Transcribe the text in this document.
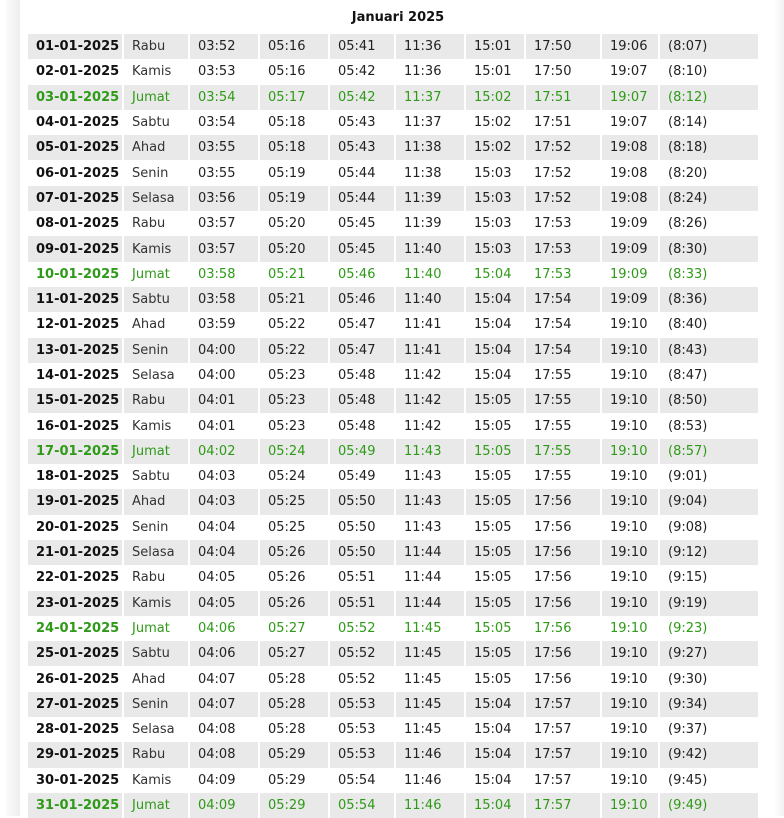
Januari 2025
01-01-2025	Rabu	03:52	05:16	05:41	11:36	15:01	17:50	19:06	(8:07)
02-01-2025	Kamis	03:53	05:16	05:42	11:36	15:01	17:50	19:07	(8:10)
03-01-2025	Jumat	03:54	05:17	05:42	11:37	15:02	17:51	19:07	(8:12)
04-01-2025	Sabtu	03:54	05:18	05:43	11:37	15:02	17:51	19:07	(8:14)
05-01-2025	Ahad	03:55	05:18	05:43	11:38	15:02	17:52	19:08	(8:18)
06-01-2025	Senin	03:55	05:19	05:44	11:38	15:03	17:52	19:08	(8:20)
07-01-2025	Selasa	03:56	05:19	05:44	11:39	15:03	17:52	19:08	(8:24)
08-01-2025	Rabu	03:57	05:20	05:45	11:39	15:03	17:53	19:09	(8:26)
09-01-2025	Kamis	03:57	05:20	05:45	11:40	15:03	17:53	19:09	(8:30)
10-01-2025	Jumat	03:58	05:21	05:46	11:40	15:04	17:53	19:09	(8:33)
11-01-2025	Sabtu	03:58	05:21	05:46	11:40	15:04	17:54	19:09	(8:36)
12-01-2025	Ahad	03:59	05:22	05:47	11:41	15:04	17:54	19:10	(8:40)
13-01-2025	Senin	04:00	05:22	05:47	11:41	15:04	17:54	19:10	(8:43)
14-01-2025	Selasa	04:00	05:23	05:48	11:42	15:04	17:55	19:10	(8:47)
15-01-2025	Rabu	04:01	05:23	05:48	11:42	15:05	17:55	19:10	(8:50)
16-01-2025	Kamis	04:01	05:23	05:48	11:42	15:05	17:55	19:10	(8:53)
17-01-2025	Jumat	04:02	05:24	05:49	11:43	15:05	17:55	19:10	(8:57)
18-01-2025	Sabtu	04:03	05:24	05:49	11:43	15:05	17:55	19:10	(9:01)
19-01-2025	Ahad	04:03	05:25	05:50	11:43	15:05	17:56	19:10	(9:04)
20-01-2025	Senin	04:04	05:25	05:50	11:43	15:05	17:56	19:10	(9:08)
21-01-2025	Selasa	04:04	05:26	05:50	11:44	15:05	17:56	19:10	(9:12)
22-01-2025	Rabu	04:05	05:26	05:51	11:44	15:05	17:56	19:10	(9:15)
23-01-2025	Kamis	04:05	05:26	05:51	11:44	15:05	17:56	19:10	(9:19)
24-01-2025	Jumat	04:06	05:27	05:52	11:45	15:05	17:56	19:10	(9:23)
25-01-2025	Sabtu	04:06	05:27	05:52	11:45	15:05	17:56	19:10	(9:27)
26-01-2025	Ahad	04:07	05:28	05:52	11:45	15:05	17:56	19:10	(9:30)
27-01-2025	Senin	04:07	05:28	05:53	11:45	15:04	17:57	19:10	(9:34)
28-01-2025	Selasa	04:08	05:28	05:53	11:45	15:04	17:57	19:10	(9:37)
29-01-2025	Rabu	04:08	05:29	05:53	11:46	15:04	17:57	19:10	(9:42)
30-01-2025	Kamis	04:09	05:29	05:54	11:46	15:04	17:57	19:10	(9:45)
31-01-2025	Jumat	04:09	05:29	05:54	11:46	15:04	17:57	19:10	(9:49)
